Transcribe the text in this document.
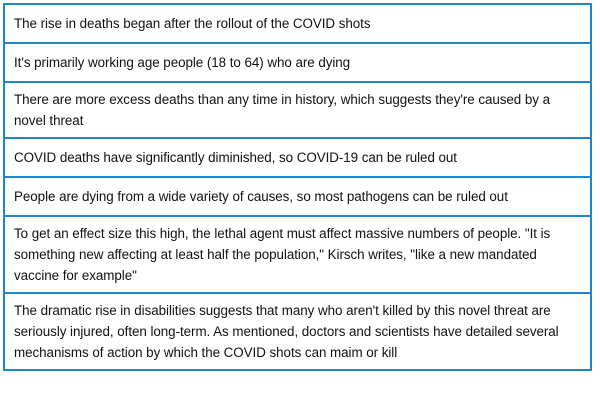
The rise in deaths began after the rollout of the COVID shots
It's primarily working age people (18 to 64) who are dying
There are more excess deaths than any time in history, which suggests they're caused by a novel threat
COVID deaths have significantly diminished, so COVID-19 can be ruled out
People are dying from a wide variety of causes, so most pathogens can be ruled out
To get an effect size this high, the lethal agent must affect massive numbers of people. "It is something new affecting at least half the population," Kirsch writes, "like a new mandated vaccine for example"
The dramatic rise in disabilities suggests that many who aren't killed by this novel threat are seriously injured, often long-term. As mentioned, doctors and scientists have detailed several mechanisms of action by which the COVID shots can maim or kill
